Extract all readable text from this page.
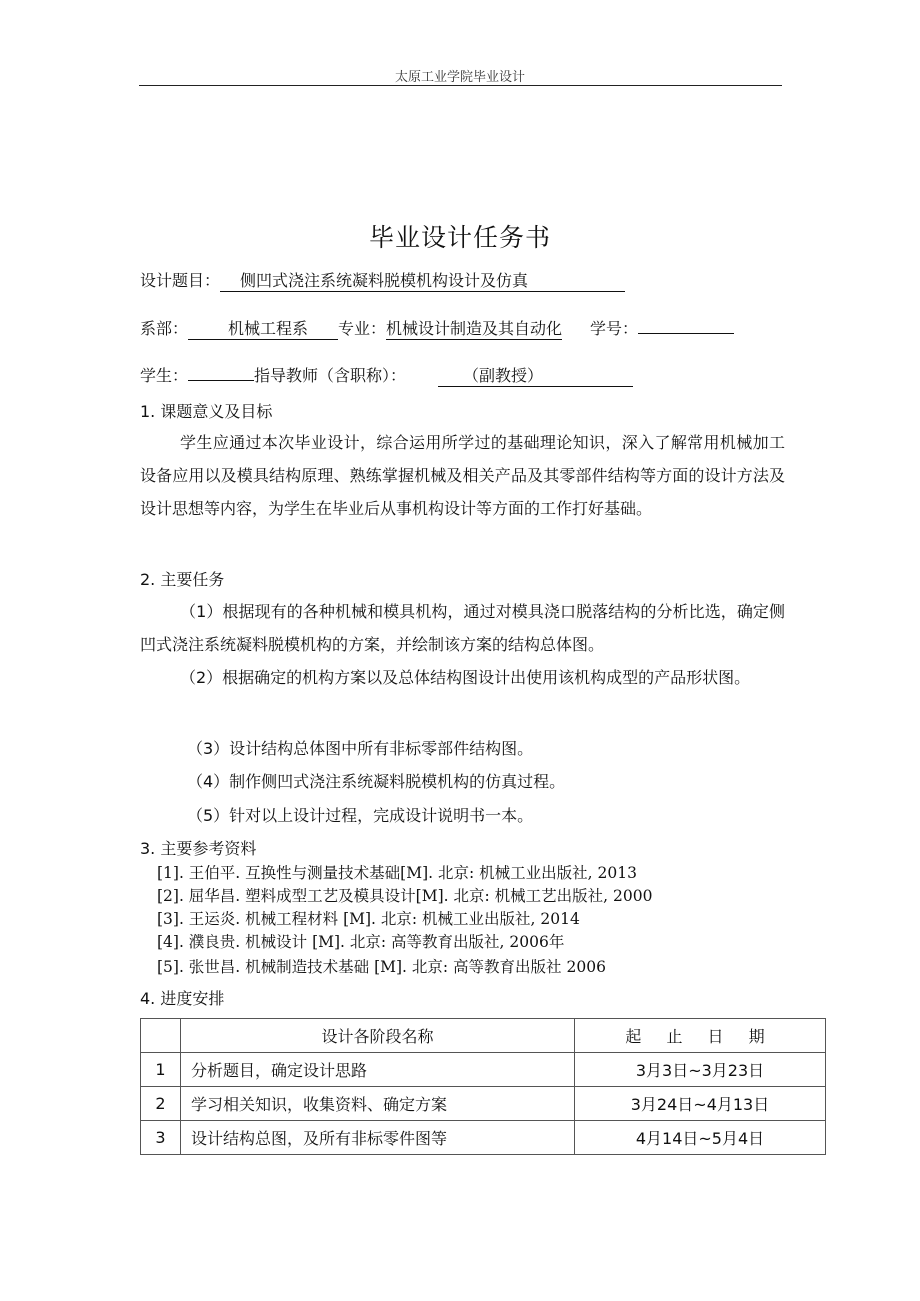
太原工业学院毕业设计
毕业设计任务书
设计题目： 侧凹式浇注系统凝料脱模机构设计及仿真
系部：	机械工程系 专业：机械设计制造及其自动化 学号：
学生：	指导教师（含职称）：	（副教授）
1. 课题意义及目标
学生应通过本次毕业设计，综合运用所学过的基础理论知识，深入了解常用机械加工设备应用以及模具结构原理、熟练掌握机械及相关产品及其零部件结构等方面的设计方法及设计思想等内容，为学生在毕业后从事机构设计等方面的工作打好基础。
2. 主要任务
（1）根据现有的各种机械和模具机构，通过对模具浇口脱落结构的分析比选，确定侧凹式浇注系统凝料脱模机构的方案，并绘制该方案的结构总体图。
（2）根据确定的机构方案以及总体结构图设计出使用该机构成型的产品形状图。
（3）设计结构总体图中所有非标零部件结构图。
（4）制作侧凹式浇注系统凝料脱模机构的仿真过程。
（5）针对以上设计过程，完成设计说明书一本。
3. 主要参考资料
[1]. 王伯平. 互换性与测量技术基础[M]. 北京: 机械工业出版社, 2013
[2]. 屈华昌. 塑料成型工艺及模具设计[M]. 北京: 机械工艺出版社, 2000
[3]. 王运炎. 机械工程材料 [M]. 北京: 机械工业出版社, 2014
[4]. 濮良贵. 机械设计 [M]. 北京: 高等教育出版社, 2006年
[5]. 张世昌. 机械制造技术基础 [M]. 北京: 高等教育出版社 2006
4. 进度安排
	设计各阶段名称	起 止 日 期
1	分析题目，确定设计思路	3月3日~3月23日
2	学习相关知识，收集资料、确定方案	3月24日~4月13日
3	设计结构总图，及所有非标零件图等	4月14日~5月4日
